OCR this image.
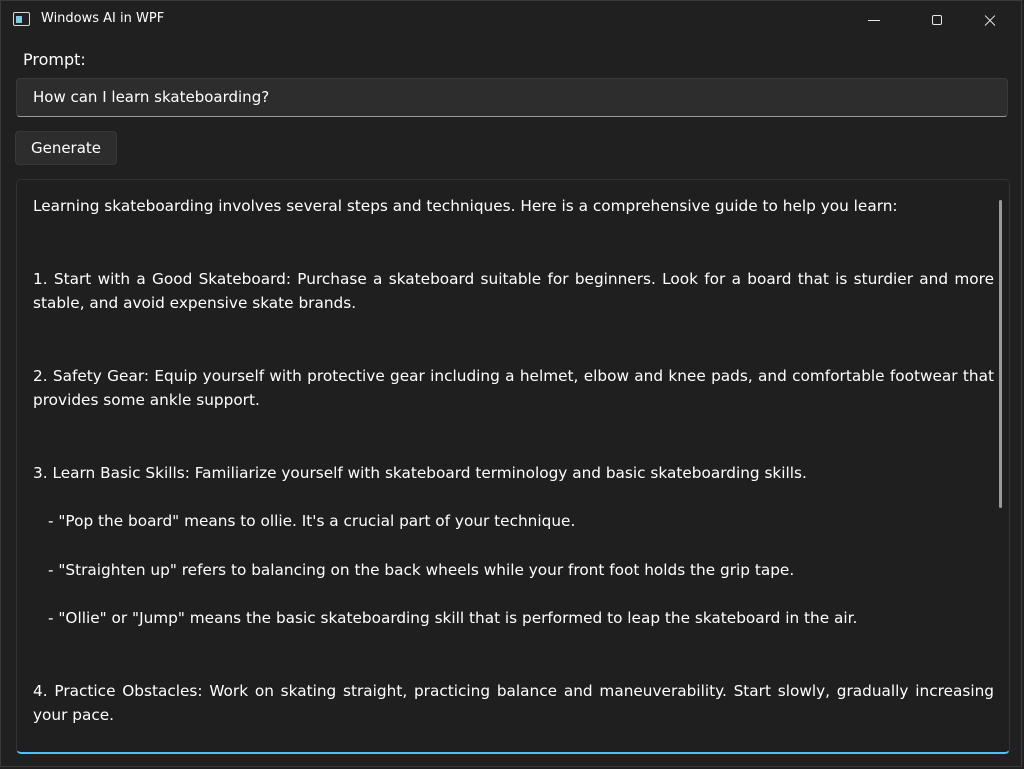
Windows AI in WPF
Prompt:
How can I learn skateboarding?
Generate

Learning skateboarding involves several steps and techniques. Here is a comprehensive guide to help you learn:

1. Start with a Good Skateboard: Purchase a skateboard suitable for beginners. Look for a board that is sturdier and more stable, and avoid expensive skate brands.

2. Safety Gear: Equip yourself with protective gear including a helmet, elbow and knee pads, and comfortable footwear that provides some ankle support.

3. Learn Basic Skills: Familiarize yourself with skateboard terminology and basic skateboarding skills.

- "Pop the board" means to ollie. It's a crucial part of your technique.

- "Straighten up" refers to balancing on the back wheels while your front foot holds the grip tape.

- "Ollie" or "Jump" means the basic skateboarding skill that is performed to leap the skateboard in the air.

4. Practice Obstacles: Work on skating straight, practicing balance and maneuverability. Start slowly, gradually increasing your pace.
